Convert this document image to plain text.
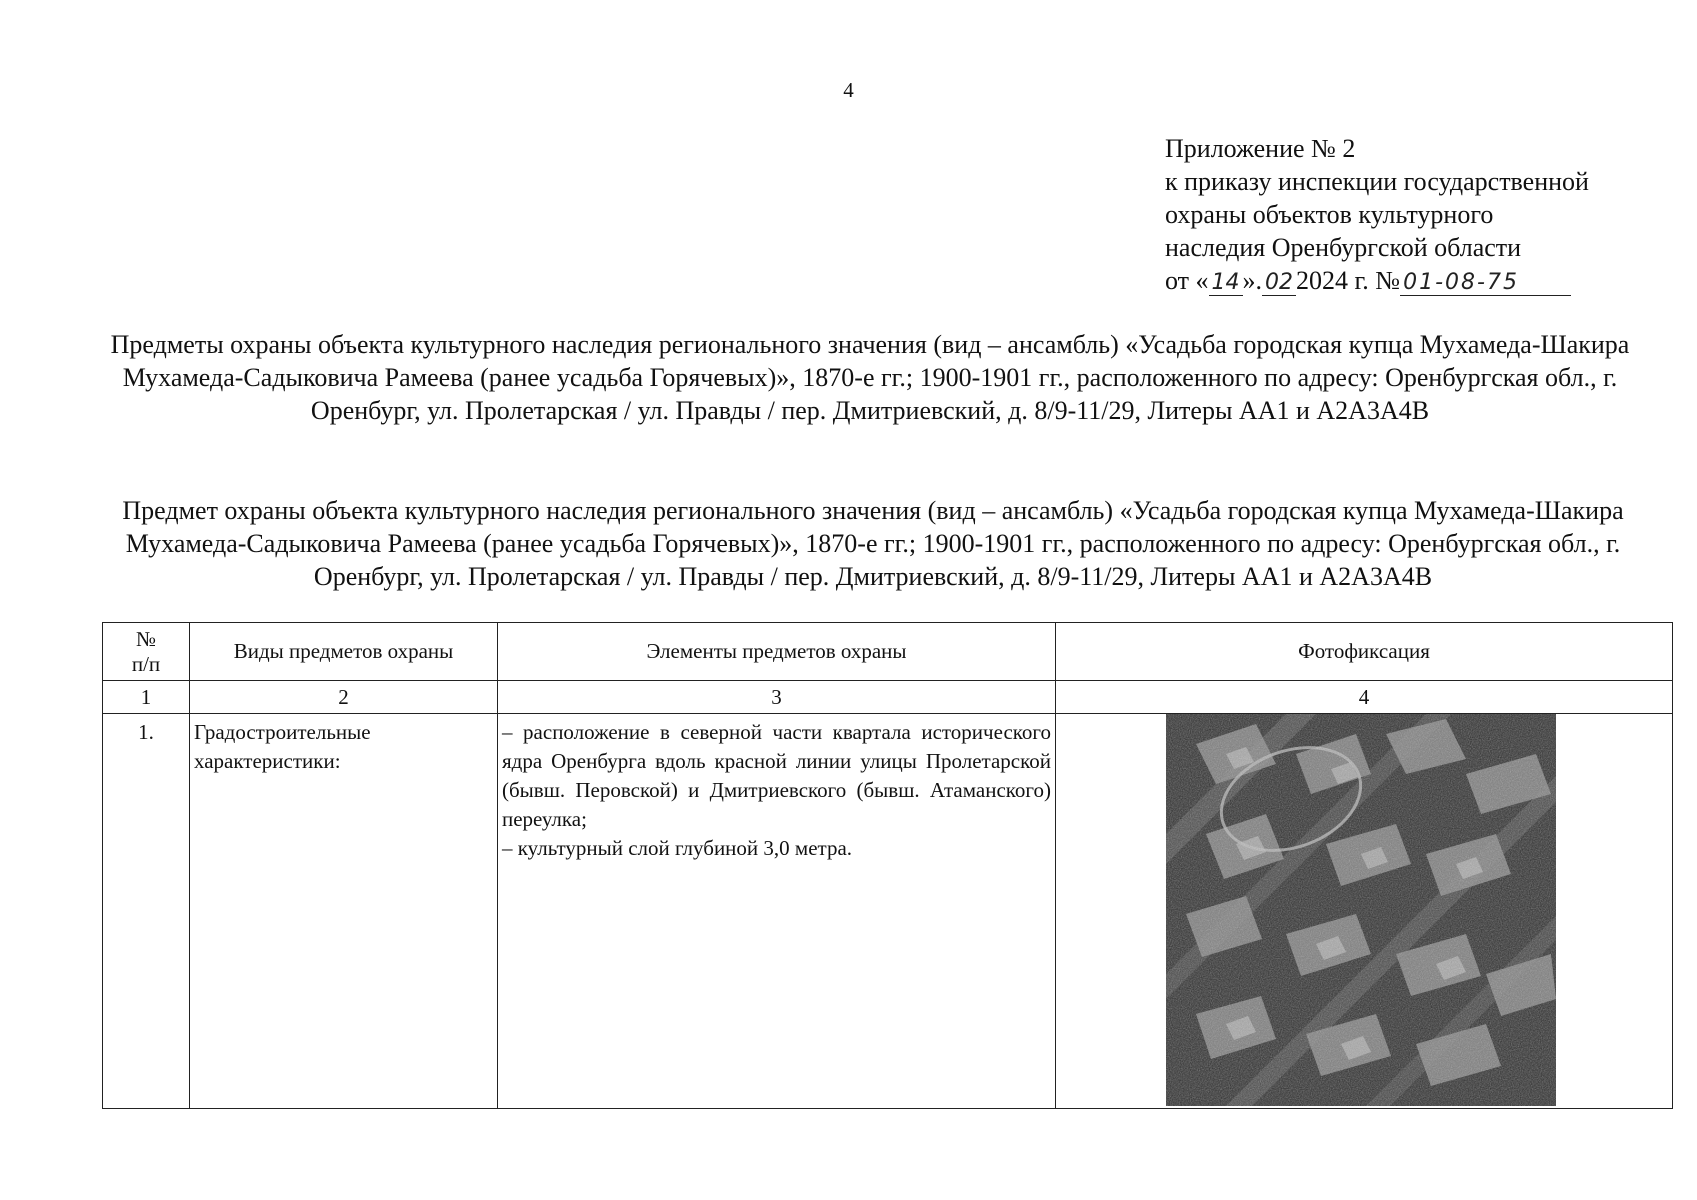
4
Приложение № 2
к приказу инспекции государственной
охраны объектов культурного
наследия Оренбургской области
от « 14 ». 02 2024 г. № 01-08-75
Предметы охраны объекта культурного наследия регионального значения (вид – ансамбль) «Усадьба городская купца Мухамеда-Шакира Мухамеда-Садыковича Рамеева (ранее усадьба Горячевых)», 1870-е гг.; 1900-1901 гг., расположенного по адресу: Оренбургская обл., г. Оренбург, ул. Пролетарская / ул. Правды / пер. Дмитриевский, д. 8/9-11/29, Литеры АА1 и А2А3А4В
Предмет охраны объекта культурного наследия регионального значения (вид – ансамбль) «Усадьба городская купца Мухамеда-Шакира Мухамеда-Садыковича Рамеева (ранее усадьба Горячевых)», 1870-е гг.; 1900-1901 гг., расположенного по адресу: Оренбургская обл., г. Оренбург, ул. Пролетарская / ул. Правды / пер. Дмитриевский, д. 8/9-11/29, Литеры АА1 и А2А3А4В
№
п/п	Виды предметов охраны	Элементы предметов охраны	Фотофиксация
1	2	3	4
1.	Градостроительные характеристики:	– расположение в северной части квартала исторического ядра Оренбурга вдоль красной линии улицы Пролетарской (бывш. Перовской) и Дмитриевского (бывш. Атаманского) переулка;
– культурный слой глубиной 3,0 метра.
